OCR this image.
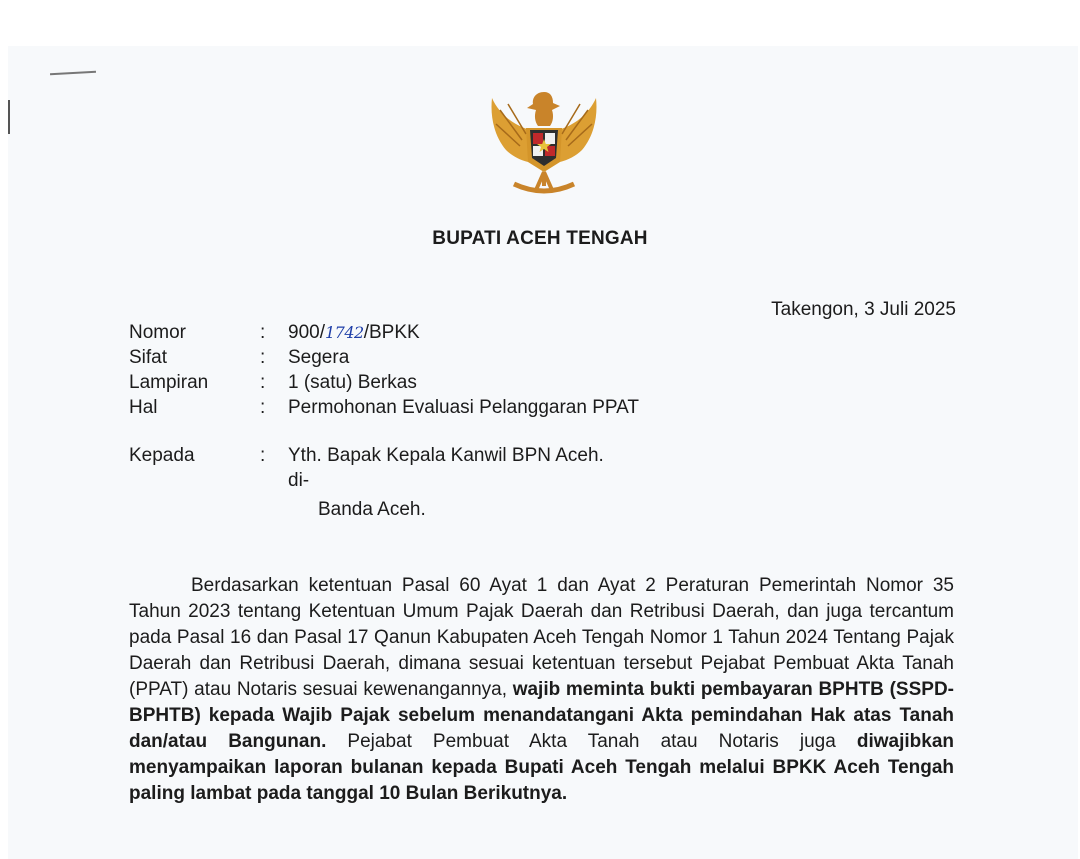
BUPATI ACEH TENGAH
Takengon, 3 Juli 2025
Nomor	:	900/1742/BPKK
Sifat	:	Segera
Lampiran	:	1 (satu) Berkas
Hal	:	Permohonan Evaluasi Pelanggaran PPAT
Kepada	:	Yth. Bapak Kepala Kanwil BPN Aceh.
di-
Banda Aceh.
Berdasarkan ketentuan Pasal 60 Ayat 1 dan Ayat 2 Peraturan Pemerintah Nomor 35 Tahun 2023 tentang Ketentuan Umum Pajak Daerah dan Retribusi Daerah, dan juga tercantum pada Pasal 16 dan Pasal 17 Qanun Kabupaten Aceh Tengah Nomor 1 Tahun 2024 Tentang Pajak Daerah dan Retribusi Daerah, dimana sesuai ketentuan tersebut Pejabat Pembuat Akta Tanah (PPAT) atau Notaris sesuai kewenangannya, wajib meminta bukti pembayaran BPHTB (SSPD-BPHTB) kepada Wajib Pajak sebelum menandatangani Akta pemindahan Hak atas Tanah dan/atau Bangunan. Pejabat Pembuat Akta Tanah atau Notaris juga diwajibkan menyampaikan laporan bulanan kepada Bupati Aceh Tengah melalui BPKK Aceh Tengah paling lambat pada tanggal 10 Bulan Berikutnya.
